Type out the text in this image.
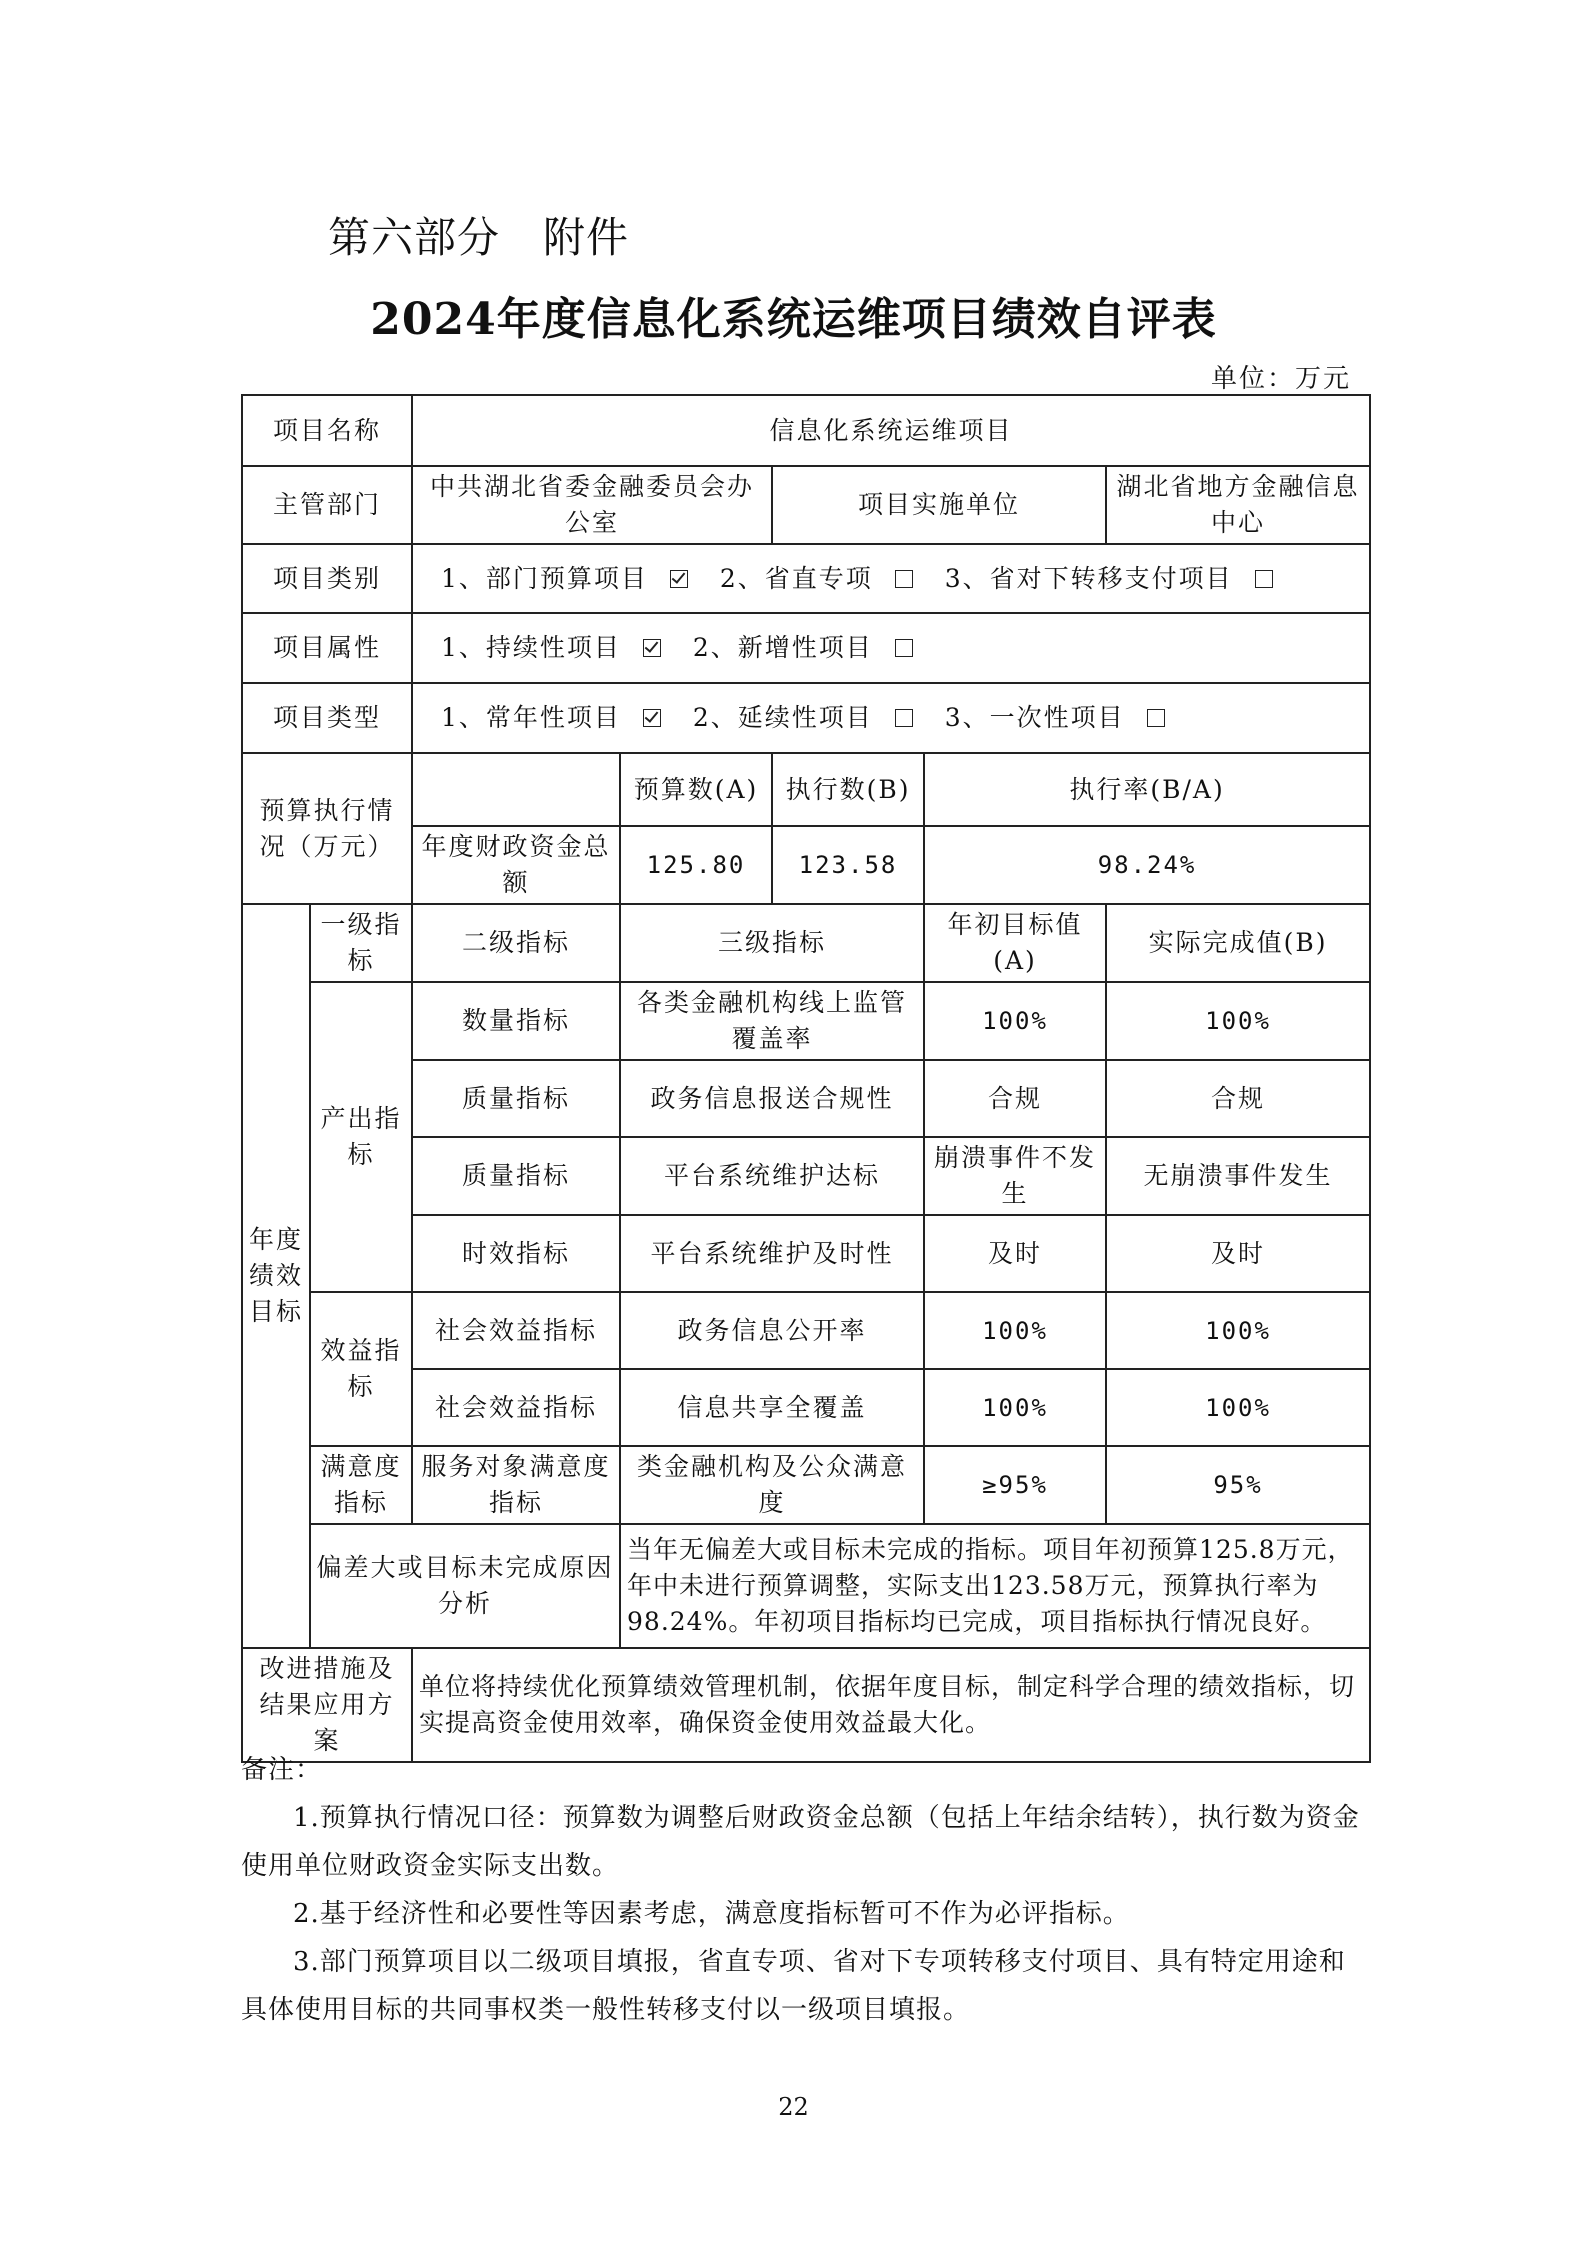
第六部分　附件
2024年度信息化系统运维项目绩效自评表
单位：万元
项目名称		信息化系统运维项目				
主管部门		中共湖北省委金融委员会办公室		项目实施单位		湖北省地方金融信息中心
项目类别		1、部门预算项目 2、省直专项 3、省对下转移支付项目				
项目属性		1、持续性项目 2、新增性项目				
项目类型		1、常年性项目 2、延续性项目 3、一次性项目				
预算执行情况（万元）			预算数(A)	执行数(B)	执行率(B/A)	
		年度财政资金总额	125.80	123.58	98.24%	
年度绩效目标	一级指标	二级指标	三级指标		年初目标值(A)	实际完成值(B)
	产出指标	数量指标	各类金融机构线上监管覆盖率		100%	100%
		质量指标	政务信息报送合规性		合规	合规
		质量指标	平台系统维护达标		崩溃事件不发生	无崩溃事件发生
		时效指标	平台系统维护及时性		及时	及时
	效益指标	社会效益指标	政务信息公开率		100%	100%
		社会效益指标	信息共享全覆盖		100%	100%
	满意度指标	服务对象满意度指标	类金融机构及公众满意度		≥95%	95%
	偏差大或目标未完成原因分析		当年无偏差大或目标未完成的指标。项目年初预算125.8万元，年中未进行预算调整，实际支出123.58万元，预算执行率为98.24%。年初项目指标均已完成，项目指标执行情况良好。			
改进措施及结果应用方案		单位将持续优化预算绩效管理机制，依据年度目标，制定科学合理的绩效指标，切实提高资金使用效率，确保资金使用效益最大化。				

备注：

1.预算执行情况口径：预算数为调整后财政资金总额（包括上年结余结转），执行数为资金使用单位财政资金实际支出数。

2.基于经济性和必要性等因素考虑，满意度指标暂可不作为必评指标。

3.部门预算项目以二级项目填报，省直专项、省对下专项转移支付项目、具有特定用途和具体使用目标的共同事权类一般性转移支付以一级项目填报。

22
